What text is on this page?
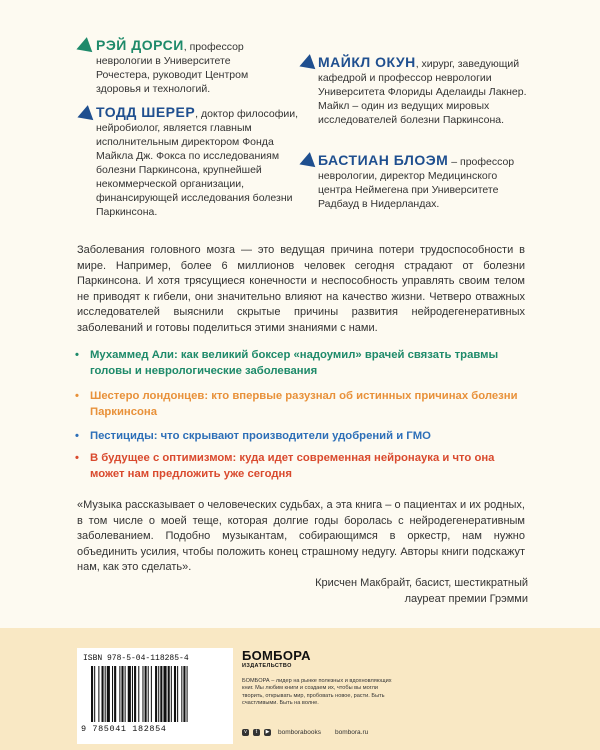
РЭЙ ДОРСИ, профессор неврологии в Университете Рочестера, руководит Центром здоровья и технологий.
ТОДД ШЕРЕР, доктор философии, нейробиолог, является главным исполнительным директором Фонда Майкла Дж. Фокса по исследованиям болезни Паркинсона, крупнейшей некоммерческой организации, финансирующей исследования болезни Паркинсона.
МАЙКЛ ОКУН, хирург, заведующий кафедрой и профессор неврологии Университета Флориды Аделаиды Лакнер. Майкл – один из ведущих мировых исследователей болезни Паркинсона.
БАСТИАН БЛОЭМ – профессор неврологии, директор Медицинского центра Неймегена при Университете Радбауд в Нидерландах.

Заболевания головного мозга — это ведущая причина потери трудоспособности в мире. Например, более 6 миллионов человек сегодня страдают от болезни Паркинсона. И хотя трясущиеся конечности и неспособность управлять своим телом не приводят к гибели, они значительно влияют на качество жизни. Четверо отважных исследователей выяснили скрытые причины развития нейродегенеративных заболеваний и готовы поделиться этими знаниями с нами.

• Мухаммед Али: как великий боксер «надоумил» врачей связать травмы головы и неврологические заболевания
• Шестеро лондонцев: кто впервые разузнал об истинных причинах болезни Паркинсона
• Пестициды: что скрывают производители удобрений и ГМО
• В будущее с оптимизмом: куда идет современная нейронаука и что она может нам предложить уже сегодня

«Музыка рассказывает о человеческих судьбах, а эта книга – о пациентах и их родных, в том числе о моей теще, которая долгие годы боролась с нейродегенеративным заболеванием. Подобно музыкантам, собирающимся в оркестр, нам нужно объединить усилия, чтобы положить конец страшному недугу. Авторы книги подскажут нам, как это сделать».

Крисчен Макбрайт, басист, шестикратный лауреат премии Грэмми

ISBN 978-5-04-118285-4
9 785041 182854
БОМБОРА
ИЗДАТЕЛЬСТВО

БОМБОРА – лидер на рынке полезных и вдохновляющих книг. Мы любим книги и создаем их, чтобы вы могли творить, открывать мир, пробовать новое, расти. Быть счастливыми. Быть на волне.

v	t	▶ bomborabooks bombora.ru
